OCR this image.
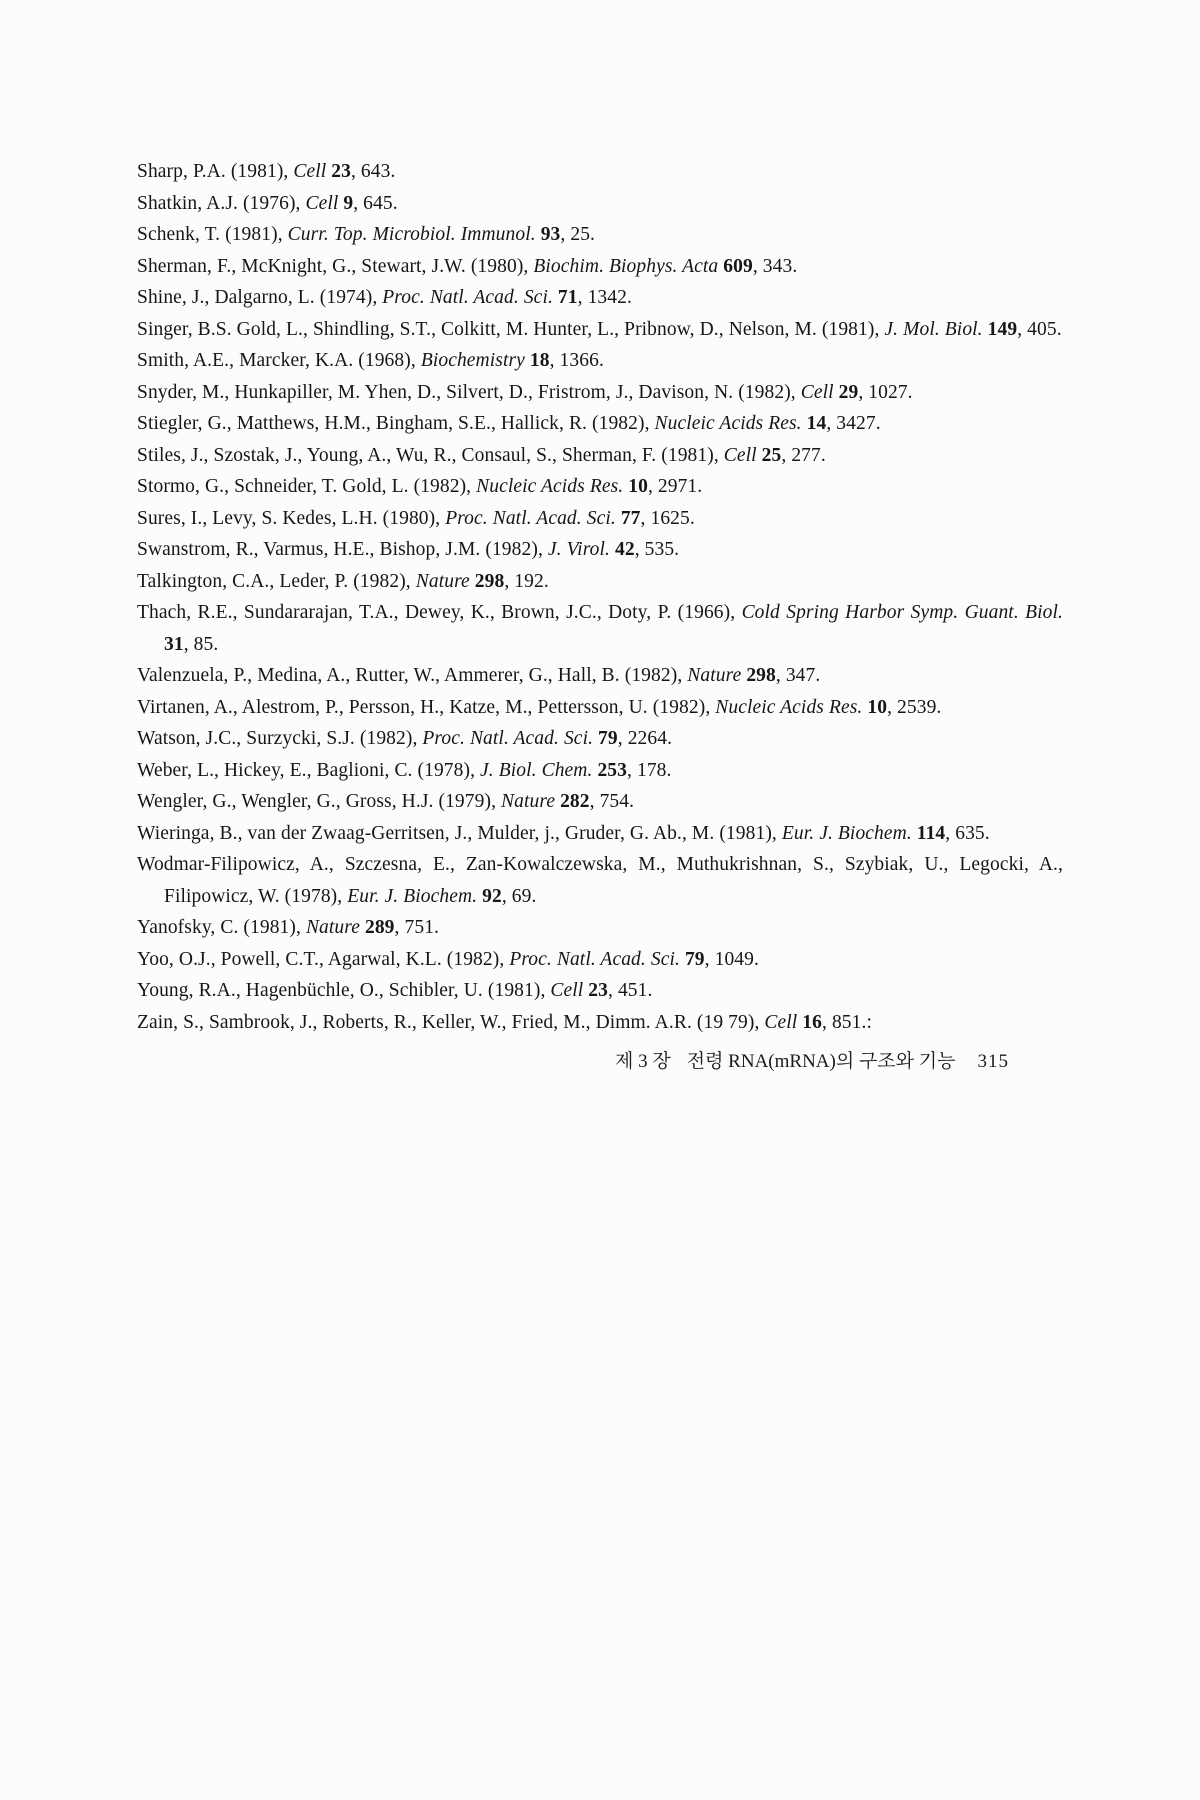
Sharp, P.A. (1981), Cell 23, 643.

Shatkin, A.J. (1976), Cell 9, 645.

Schenk, T. (1981), Curr. Top. Microbiol. Immunol. 93, 25.

Sherman, F., McKnight, G., Stewart, J.W. (1980), Biochim. Biophys. Acta 609, 343.

Shine, J., Dalgarno, L. (1974), Proc. Natl. Acad. Sci. 71, 1342.

Singer, B.S. Gold, L., Shindling, S.T., Colkitt, M. Hunter, L., Pribnow, D., Nelson, M. (1981), J. Mol. Biol. 149, 405.

Smith, A.E., Marcker, K.A. (1968), Biochemistry 18, 1366.

Snyder, M., Hunkapiller, M. Yhen, D., Silvert, D., Fristrom, J., Davison, N. (1982), Cell 29, 1027.

Stiegler, G., Matthews, H.M., Bingham, S.E., Hallick, R. (1982), Nucleic Acids Res. 14, 3427.

Stiles, J., Szostak, J., Young, A., Wu, R., Consaul, S., Sherman, F. (1981), Cell 25, 277.

Stormo, G., Schneider, T. Gold, L. (1982), Nucleic Acids Res. 10, 2971.

Sures, I., Levy, S. Kedes, L.H. (1980), Proc. Natl. Acad. Sci. 77, 1625.

Swanstrom, R., Varmus, H.E., Bishop, J.M. (1982), J. Virol. 42, 535.

Talkington, C.A., Leder, P. (1982), Nature 298, 192.

Thach, R.E., Sundararajan, T.A., Dewey, K., Brown, J.C., Doty, P. (1966), Cold Spring Harbor Symp. Guant. Biol. 31, 85.

Valenzuela, P., Medina, A., Rutter, W., Ammerer, G., Hall, B. (1982), Nature 298, 347.

Virtanen, A., Alestrom, P., Persson, H., Katze, M., Pettersson, U. (1982), Nucleic Acids Res. 10, 2539.

Watson, J.C., Surzycki, S.J. (1982), Proc. Natl. Acad. Sci. 79, 2264.

Weber, L., Hickey, E., Baglioni, C. (1978), J. Biol. Chem. 253, 178.

Wengler, G., Wengler, G., Gross, H.J. (1979), Nature 282, 754.

Wieringa, B., van der Zwaag-Gerritsen, J., Mulder, j., Gruder, G. Ab., M. (1981), Eur. J. Biochem. 114, 635.

Wodmar-Filipowicz, A., Szczesna, E., Zan-Kowalczewska, M., Muthukrishnan, S., Szybiak, U., Legocki, A., Filipowicz, W. (1978), Eur. J. Biochem. 92, 69.

Yanofsky, C. (1981), Nature 289, 751.

Yoo, O.J., Powell, C.T., Agarwal, K.L. (1982), Proc. Natl. Acad. Sci. 79, 1049.

Young, R.A., Hagenbüchle, O., Schibler, U. (1981), Cell 23, 451.

Zain, S., Sambrook, J., Roberts, R., Keller, W., Fried, M., Dimm. A.R. (19 79), Cell 16, 851.:

제 3 장 전령 RNA(mRNA)의 구조와 기능 315
